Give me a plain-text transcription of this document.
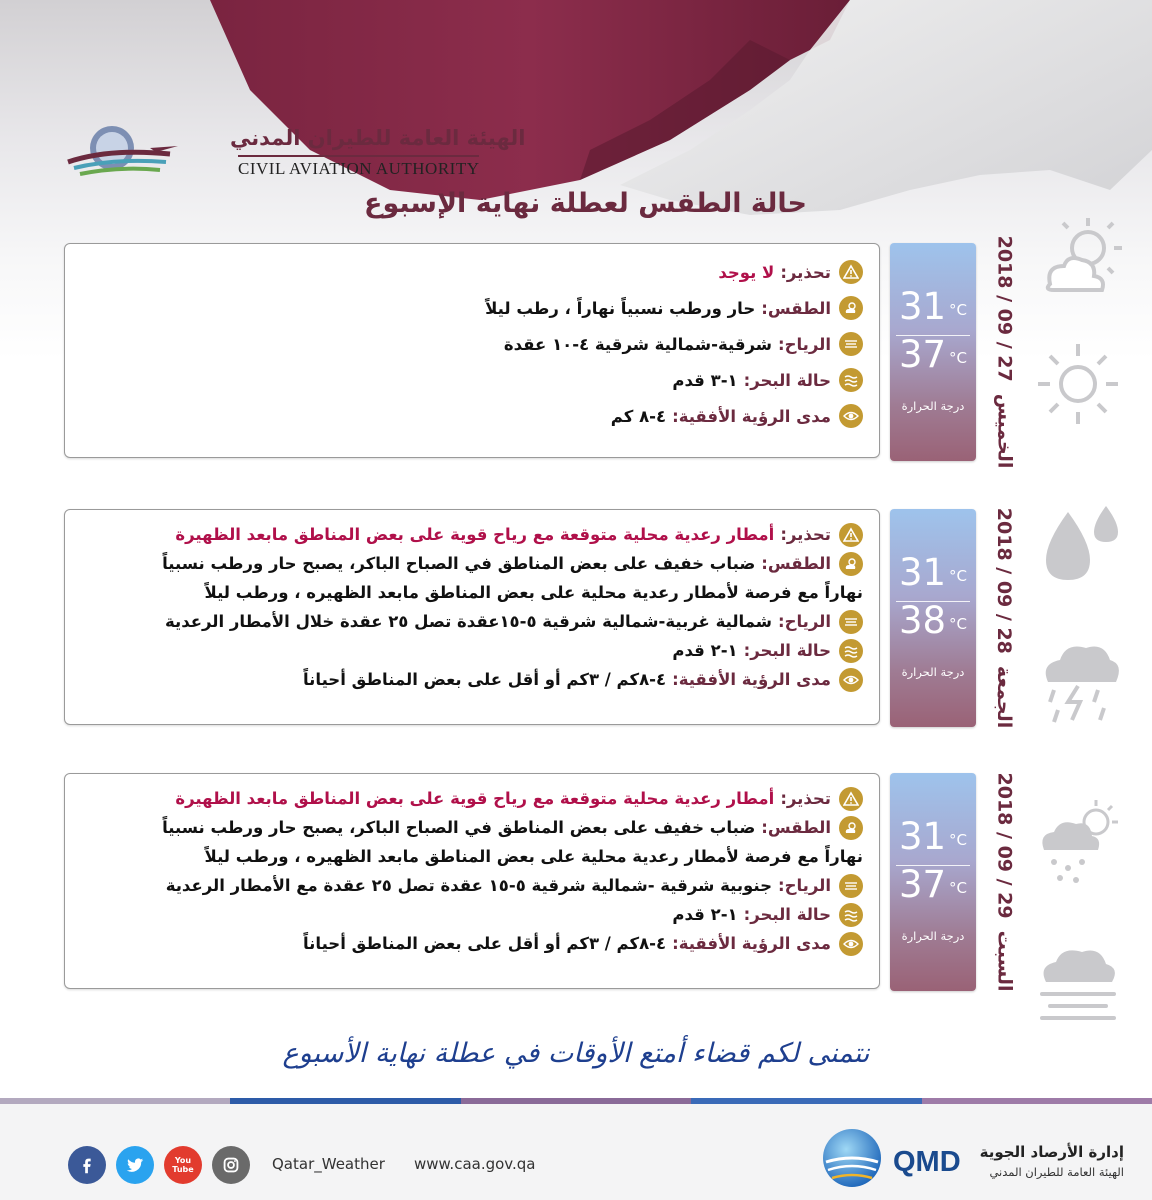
الهيئة العامة للطيران المدني
CIVIL AVIATION AUTHORITY
حالة الطقس لعطلة نهاية الإسبوع
تحذير:
لا يوجد
الطقس:
حار ورطب نسبياً نهاراً ، رطب ليلاً
الرياح:
شرقية-شمالية شرقية ٤-١٠ عقدة
حالة البحر:
١-٣ قدم
مدى الرؤية الأفقية:
٤-٨ كم
31 °C
37 °C
درجة الحرارة	الخميس
2018 / 09 / 27
تحذير:
أمطار رعدية محلية متوقعة مع رياح قوية على بعض المناطق مابعد الظهيرة
الطقس:
ضباب خفيف على بعض المناطق في الصباح الباكر، يصبح حار ورطب نسبياً
نهاراً مع فرصة لأمطار رعدية محلية على بعض المناطق مابعد الظهيره ، ورطب ليلاً
الرياح:
شمالية غربية-شمالية شرقية ٥-١٥عقدة تصل ٢٥ عقدة خلال الأمطار الرعدية
حالة البحر:
١-٢ قدم
مدى الرؤية الأفقية:
٤-٨كم / ٣كم أو أقل على بعض المناطق أحياناً
31 °C
38 °C
درجة الحرارة	الجمعة
2018 / 09 / 28
تحذير:
أمطار رعدية محلية متوقعة مع رياح قوية على بعض المناطق مابعد الظهيرة
الطقس:
ضباب خفيف على بعض المناطق في الصباح الباكر، يصبح حار ورطب نسبياً
نهاراً مع فرصة لأمطار رعدية محلية على بعض المناطق مابعد الظهيره ، ورطب ليلاً
الرياح:
جنوبية شرقية -شمالية شرقية ٥-١٥ عقدة تصل ٢٥ عقدة مع الأمطار الرعدية
حالة البحر:
١-٢ قدم
مدى الرؤية الأفقية:
٤-٨كم / ٣كم أو أقل على بعض المناطق أحياناً
31 °C
37 °C
درجة الحرارة	السبت
2018 / 09 / 29
نتمنى لكم قضاء أمتع الأوقات في عطلة نهاية الأسبوع
You Tube	Qatar_Weather www.caa.gov.qa	QMD إدارة الأرصاد الجوية
الهيئة العامة للطيران المدني
